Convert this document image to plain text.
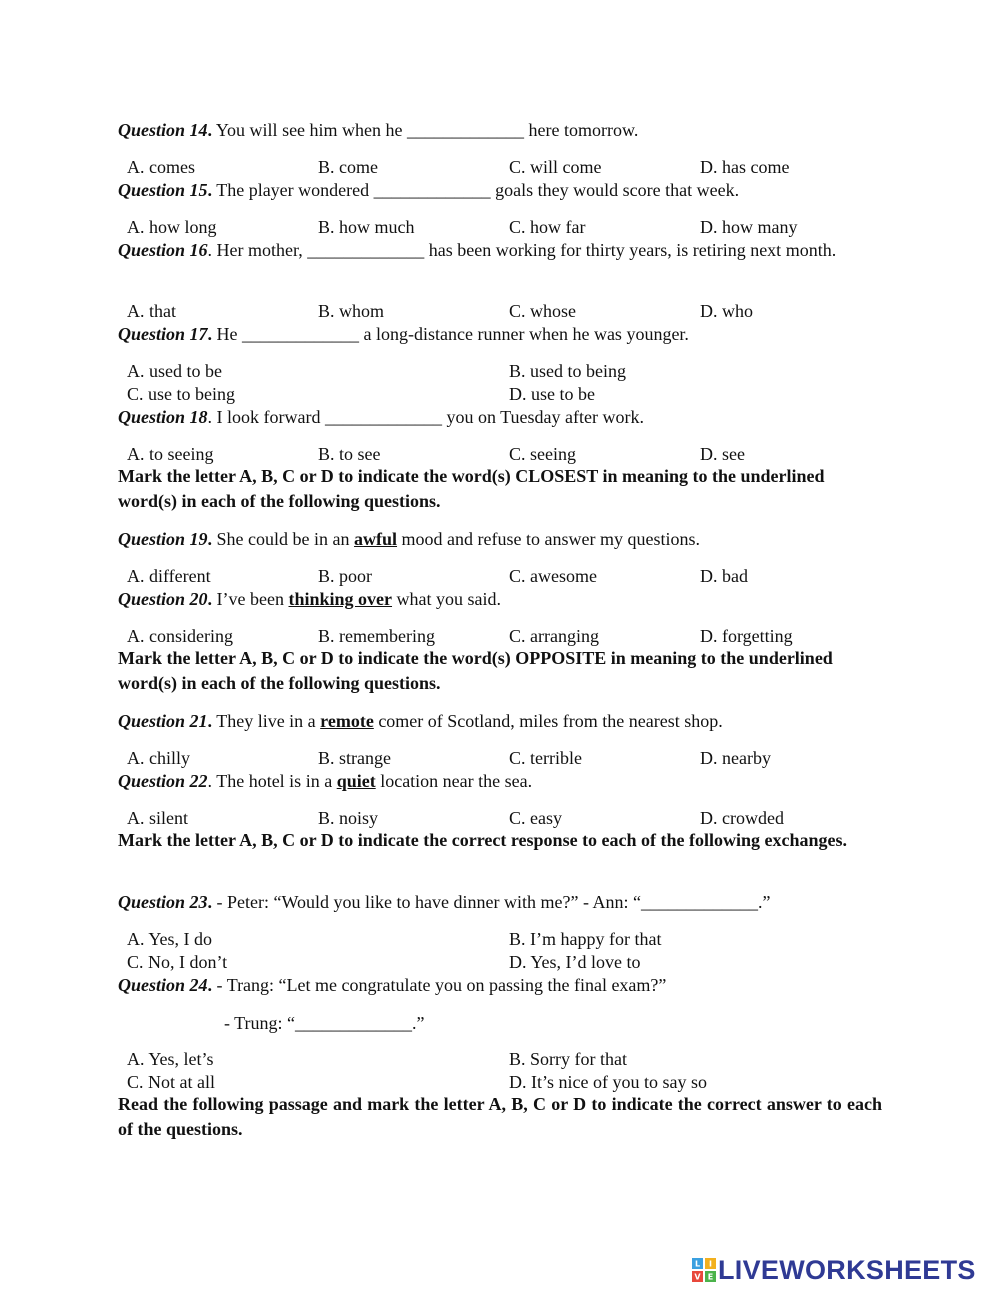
Question 14. You will see him when he _____________ here tomorrow.
A. comes	B. come	C. will come	D. has come
Question 15. The player wondered _____________ goals they would score that week.
A. how long	B. how much	C. how far	D. how many
Question 16. Her mother, _____________ has been working for thirty years, is retiring next month.
A. that	B. whom	C. whose	D. who
Question 17. He _____________ a long-distance runner when he was younger.
A. used to be	B. used to being
C. use to being	D. use to be
Question 18. I look forward _____________ you on Tuesday after work.
A. to seeing	B. to see	C. seeing	D. see
Mark the letter A, B, C or D to indicate the word(s) CLOSEST in meaning to the underlined word(s) in each of the following questions.
Question 19. She could be in an awful mood and refuse to answer my questions.
A. different	B. poor	C. awesome	D. bad
Question 20. I’ve been thinking over what you said.
A. considering	B. remembering	C. arranging	D. forgetting
Mark the letter A, B, C or D to indicate the word(s) OPPOSITE in meaning to the underlined word(s) in each of the following questions.
Question 21. They live in a remote comer of Scotland, miles from the nearest shop.
A. chilly	B. strange	C. terrible	D. nearby
Question 22. The hotel is in a quiet location near the sea.
A. silent	B. noisy	C. easy	D. crowded
Mark the letter A, B, C or D to indicate the correct response to each of the following exchanges.
Question 23. - Peter: “Would you like to have dinner with me?” - Ann: “_____________.”
A. Yes, I do	B. I’m happy for that
C. No, I don’t	D. Yes, I’d love to
Question 24. - Trang: “Let me congratulate you on passing the final exam?”
- Trung: “_____________.”
A. Yes, let’s	B. Sorry for that
C. Not at all	D. It’s nice of you to say so
Read the following passage and mark the letter A, B, C or D to indicate the correct answer to each of the questions.
L I
V E LIVEWORKSHEETS
